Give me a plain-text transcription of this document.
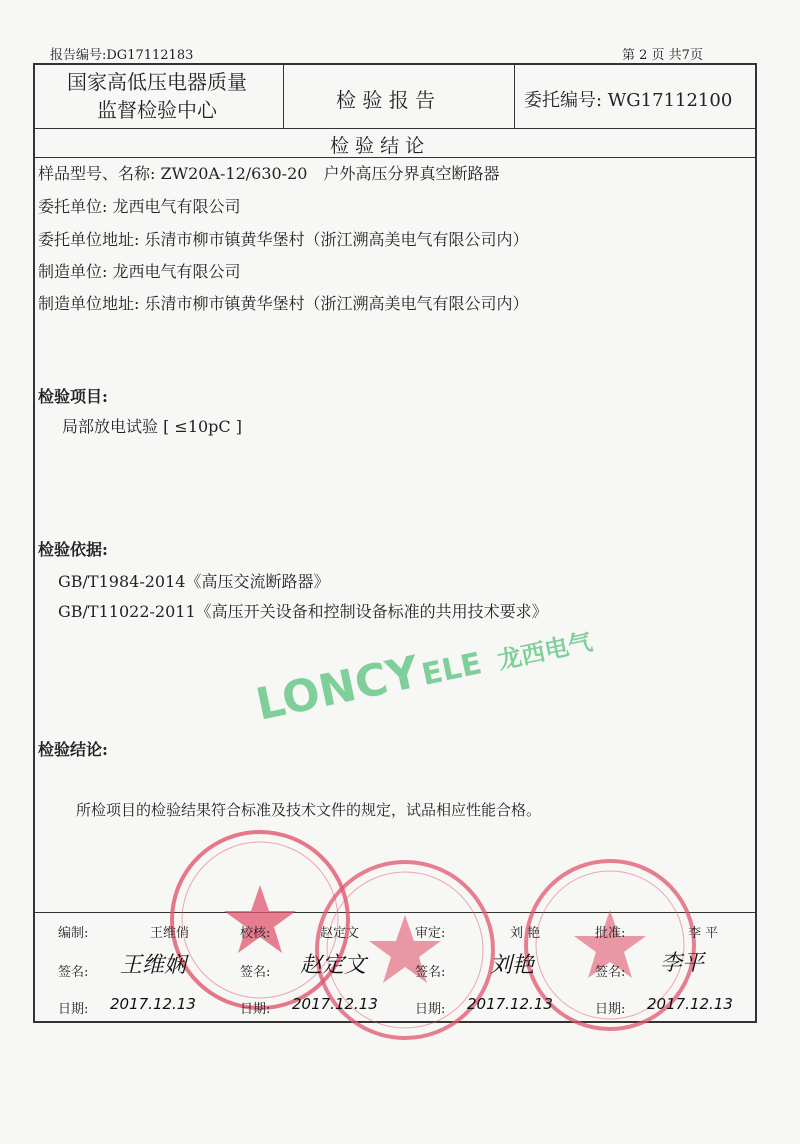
报告编号:DG17112183	第 2 页 共7页
国家高低压电器质量
监督检验中心	检 验 报 告	委托编号: WG17112100
检 验 结 论
样品型号、名称: ZW20A-12/630-20　户外高压分界真空断路器
委托单位: 龙西电气有限公司
委托单位地址: 乐清市柳市镇黄华堡村（浙江溯高美电气有限公司内）
制造单位: 龙西电气有限公司
制造单位地址: 乐清市柳市镇黄华堡村（浙江溯高美电气有限公司内）
检验项目:
局部放电试验 [ ≤10pC ]
检验依据:
GB/T1984-2014《高压交流断路器》
GB/T11022-2011《高压开关设备和控制设备标准的共用技术要求》
LONCY
ELE 龙西电气
检验结论:
所检项目的检验结果符合标准及技术文件的规定，试品相应性能合格。
编制:	王维俏	校核:	赵定文	审定:	刘 艳	批准:	李 平
签名: 王维娴	签名: 赵定文	签名: 刘艳	签名: 李平
日期: 2017.12.13	日期: 2017.12.13	日期: 2017.12.13	日期: 2017.12.13
